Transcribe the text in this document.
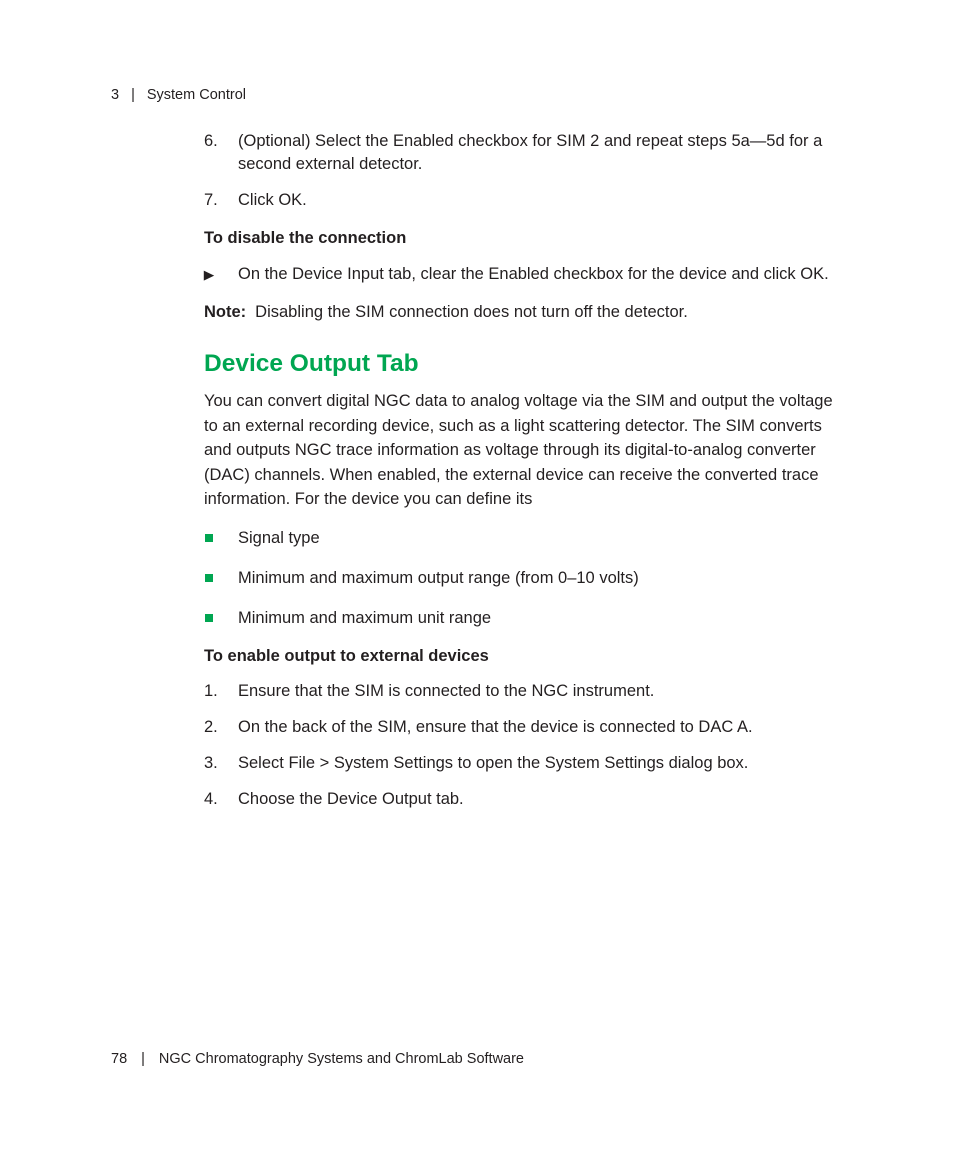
3 | System Control
6.	(Optional) Select the Enabled checkbox for SIM 2 and repeat steps 5a—5d for a second external detector.
7.	Click OK.
To disable the connection
▶	On the Device Input tab, clear the Enabled checkbox for the device and click OK.
Note: Disabling the SIM connection does not turn off the detector.
Device Output Tab
You can convert digital NGC data to analog voltage via the SIM and output the voltage to an external recording device, such as a light scattering detector. The SIM converts and outputs NGC trace information as voltage through its digital-to-analog converter (DAC) channels. When enabled, the external device can receive the converted trace information. For the device you can define its
Signal type
Minimum and maximum output range (from 0–10 volts)
Minimum and maximum unit range
To enable output to external devices
1.	Ensure that the SIM is connected to the NGC instrument.
2.	On the back of the SIM, ensure that the device is connected to DAC A.
3.	Select File > System Settings to open the System Settings dialog box.
4.	Choose the Device Output tab.
78 | NGC Chromatography Systems and ChromLab Software
